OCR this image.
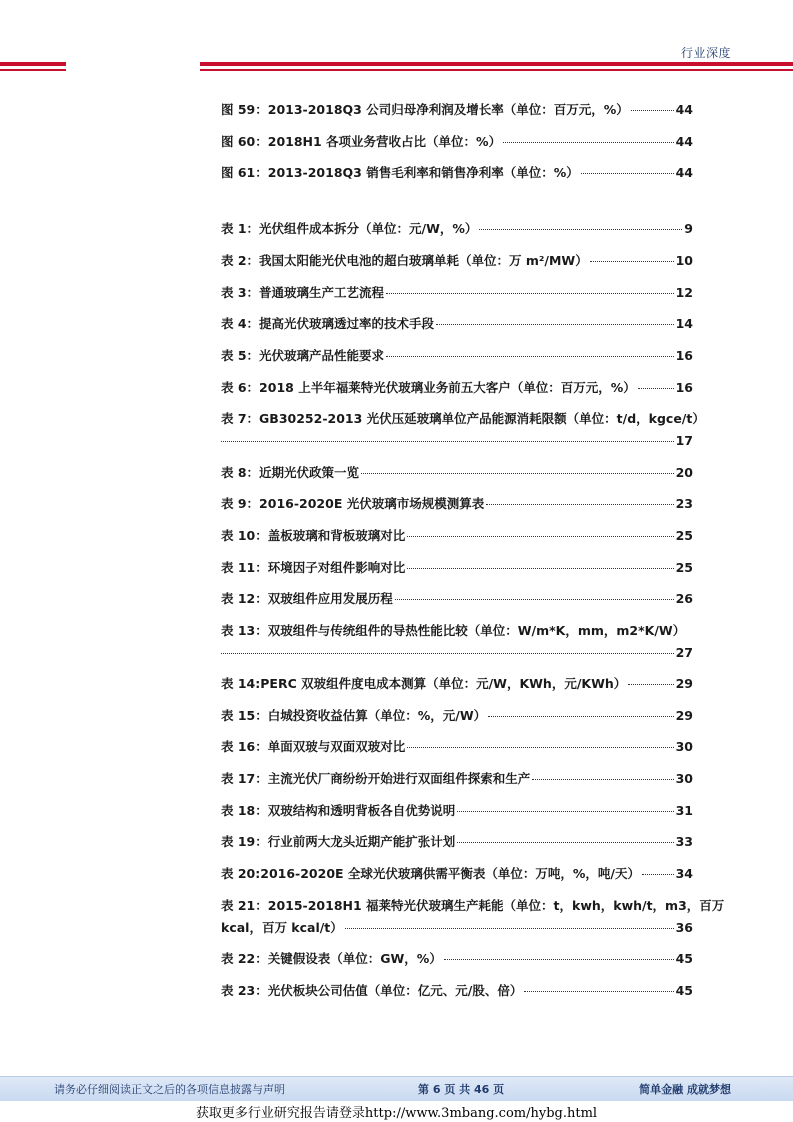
行业深度
图 59：2013-2018Q3 公司归母净利润及增长率（单位：百万元，%）	44
图 60：2018H1 各项业务营收占比（单位：%）	44
图 61：2013-2018Q3 销售毛利率和销售净利率（单位：%）	44
表 1：光伏组件成本拆分（单位：元/W，%）	9
表 2：我国太阳能光伏电池的超白玻璃单耗（单位：万 m²/MW）	10
表 3：普通玻璃生产工艺流程	12
表 4：提高光伏玻璃透过率的技术手段	14
表 5：光伏玻璃产品性能要求	16
表 6：2018 上半年福莱特光伏玻璃业务前五大客户（单位：百万元，%）	16
表 7：GB30252-2013 光伏压延玻璃单位产品能源消耗限额（单位：t/d，kgce/t）
17
表 8：近期光伏政策一览	20
表 9：2016-2020E 光伏玻璃市场规模测算表	23
表 10：盖板玻璃和背板玻璃对比	25
表 11：环境因子对组件影响对比	25
表 12：双玻组件应用发展历程	26
表 13：双玻组件与传统组件的导热性能比较（单位：W/m*K，mm，m2*K/W）
27
表 14:PERC 双玻组件度电成本测算（单位：元/W，KWh，元/KWh）	29
表 15：白城投资收益估算（单位：%，元/W）	29
表 16：单面双玻与双面双玻对比	30
表 17：主流光伏厂商纷纷开始进行双面组件探索和生产	30
表 18：双玻结构和透明背板各自优势说明	31
表 19：行业前两大龙头近期产能扩张计划	33
表 20:2016-2020E 全球光伏玻璃供需平衡表（单位：万吨，%，吨/天）	34
表 21：2015-2018H1 福莱特光伏玻璃生产耗能（单位：t，kwh，kwh/t，m3，百万
kcal，百万 kcal/t）	36
表 22：关键假设表（单位：GW，%）	45
表 23：光伏板块公司估值（单位：亿元、元/股、倍）	45
请务必仔细阅读正文之后的各项信息披露与声明	第 6 页 共 46 页	简单金融 成就梦想
获取更多行业研究报告请登录http://www.3mbang.com/hybg.html
